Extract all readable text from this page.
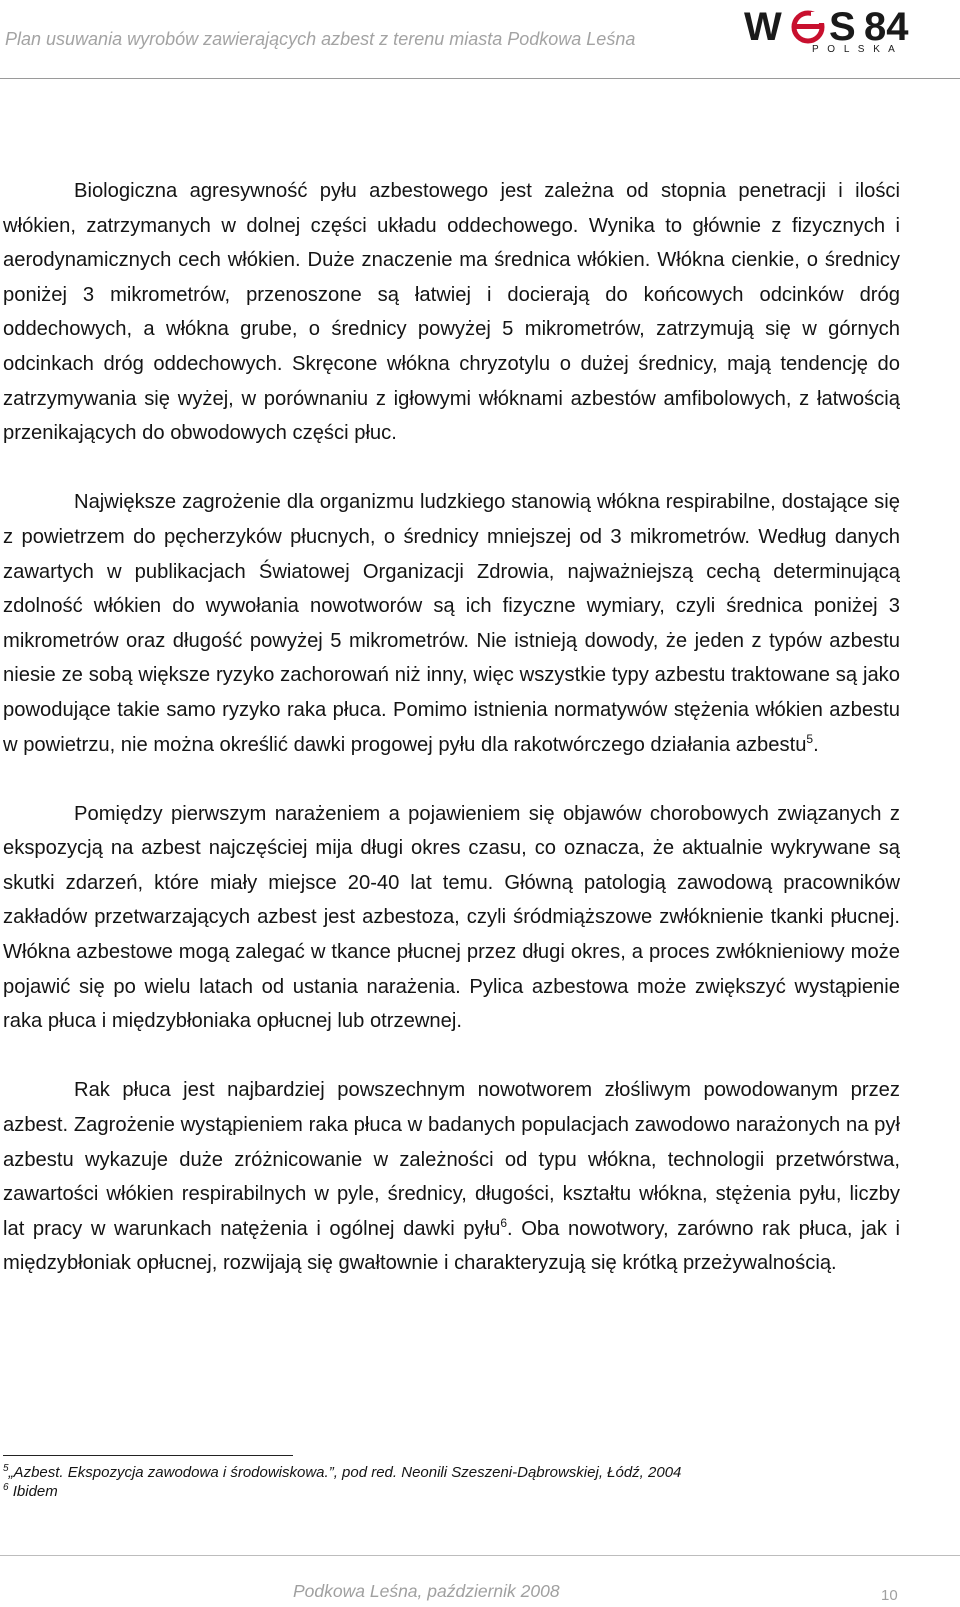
Plan usuwania wyrobów zawierających azbest z terenu miasta Podkowa Leśna	W S 84
P O L S K A

Biologiczna agresywność pyłu azbestowego jest zależna od stopnia penetracji i ilości włókien, zatrzymanych w dolnej części układu oddechowego. Wynika to głównie z fizycznych i aerodynamicznych cech włókien. Duże znaczenie ma średnica włókien. Włókna cienkie, o średnicy poniżej 3 mikrometrów, przenoszone są łatwiej i docierają do końcowych odcinków dróg oddechowych, a włókna grube, o średnicy powyżej 5 mikrometrów, zatrzymują się w górnych odcinkach dróg oddechowych. Skręcone włókna chryzotylu o dużej średnicy, mają tendencję do zatrzymywania się wyżej, w porównaniu z igłowymi włóknami azbestów amfibolowych, z łatwością przenikających do obwodowych części płuc.

Największe zagrożenie dla organizmu ludzkiego stanowią włókna respirabilne, dostające się z powietrzem do pęcherzyków płucnych, o średnicy mniejszej od 3 mikrometrów. Według danych zawartych w publikacjach Światowej Organizacji Zdrowia, najważniejszą cechą determinującą zdolność włókien do wywołania nowotworów są ich fizyczne wymiary, czyli średnica poniżej 3 mikrometrów oraz długość powyżej 5 mikrometrów. Nie istnieją dowody, że jeden z typów azbestu niesie ze sobą większe ryzyko zachorowań niż inny, więc wszystkie typy azbestu traktowane są jako powodujące takie samo ryzyko raka płuca. Pomimo istnienia normatywów stężenia włókien azbestu w powietrzu, nie można określić dawki progowej pyłu dla rakotwórczego działania azbestu$^5$.

Pomiędzy pierwszym narażeniem a pojawieniem się objawów chorobowych związanych z ekspozycją na azbest najczęściej mija długi okres czasu, co oznacza, że aktualnie wykrywane są skutki zdarzeń, które miały miejsce 20-40 lat temu. Główną patologią zawodową pracowników zakładów przetwarzających azbest jest azbestoza, czyli śródmiąższowe zwłóknienie tkanki płucnej. Włókna azbestowe mogą zalegać w tkance płucnej przez długi okres, a proces zwłóknieniowy może pojawić się po wielu latach od ustania narażenia. Pylica azbestowa może zwiększyć wystąpienie raka płuca i międzybłoniaka opłucnej lub otrzewnej.

Rak płuca jest najbardziej powszechnym nowotworem złośliwym powodowanym przez azbest. Zagrożenie wystąpieniem raka płuca w badanych populacjach zawodowo narażonych na pył azbestu wykazuje duże zróżnicowanie w zależności od typu włókna, technologii przetwórstwa, zawartości włókien respirabilnych w pyle, średnicy, długości, kształtu włókna, stężenia pyłu, liczby lat pracy w warunkach natężenia i ogólnej dawki pyłu$^6$. Oba nowotwory, zarówno rak płuca, jak i międzybłoniak opłucnej, rozwijają się gwałtownie i charakteryzują się krótką przeżywalnością.

$^5$„Azbest. Ekspozycja zawodowa i środowiskowa.”, pod red. Neonili Szeszeni-Dąbrowskiej, Łódź, 2004
$^6$ Ibidem
Podkowa Leśna, październik 2008	10
